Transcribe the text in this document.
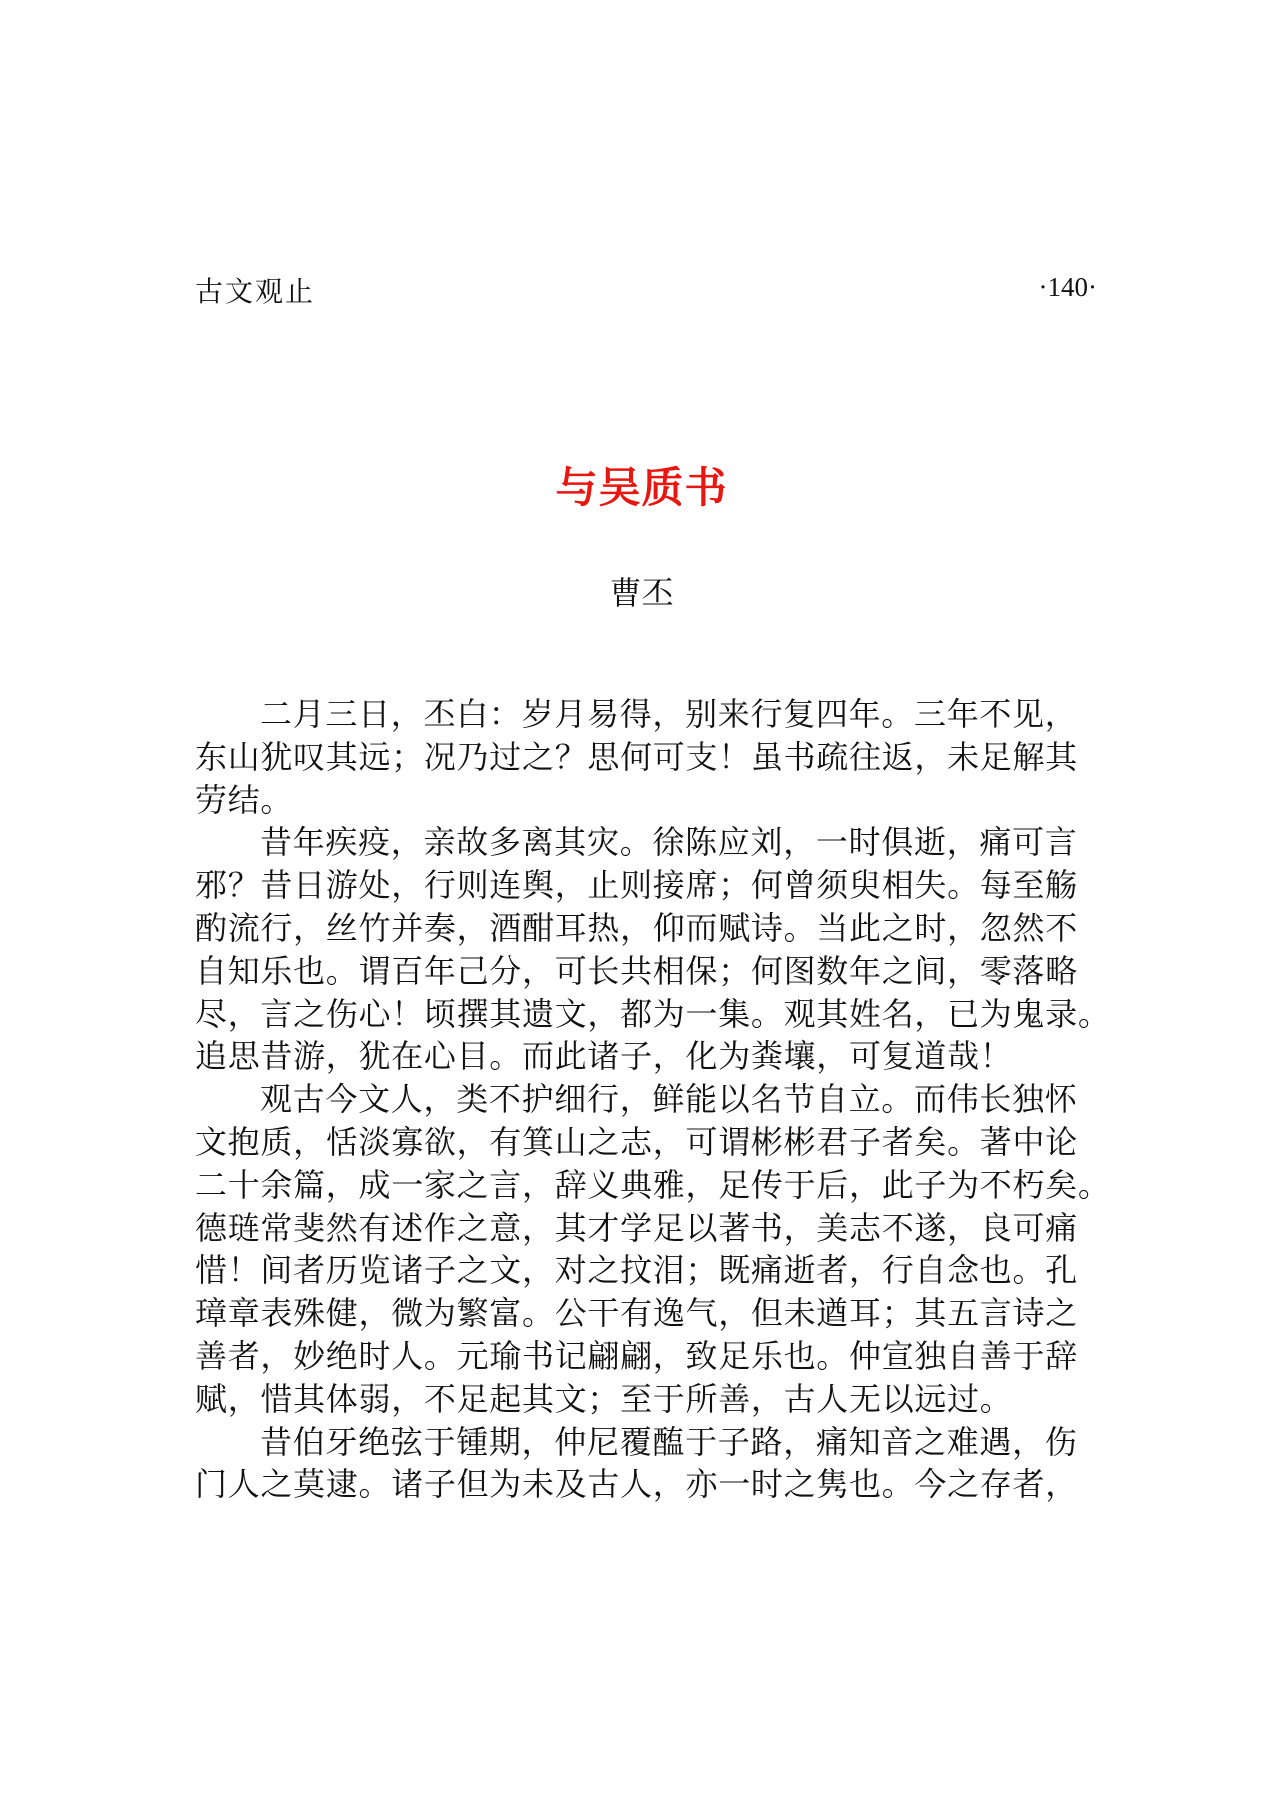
古文观止	·140·
与吴质书
曹丕
二月三日，丕白：岁月易得，别来行复四年。三年不见，
东山犹叹其远；况乃过之？思何可支！虽书疏往返，未足解其
劳结。
昔年疾疫，亲故多离其灾。徐陈应刘，一时俱逝，痛可言
邪？昔日游处，行则连舆，止则接席；何曾须臾相失。每至觞
酌流行，丝竹并奏，酒酣耳热，仰而赋诗。当此之时，忽然不
自知乐也。谓百年己分，可长共相保；何图数年之间，零落略
尽，言之伤心！顷撰其遗文，都为一集。观其姓名，已为鬼录。
追思昔游，犹在心目。而此诸子，化为粪壤，可复道哉！
观古今文人，类不护细行，鲜能以名节自立。而伟长独怀
文抱质，恬淡寡欲，有箕山之志，可谓彬彬君子者矣。著中论
二十余篇，成一家之言，辞义典雅，足传于后，此子为不朽矣。
德琏常斐然有述作之意，其才学足以著书，美志不遂，良可痛
惜！间者历览诸子之文，对之抆泪；既痛逝者，行自念也。孔
璋章表殊健，微为繁富。公干有逸气，但未遒耳；其五言诗之
善者，妙绝时人。元瑜书记翩翩，致足乐也。仲宣独自善于辞
赋，惜其体弱，不足起其文；至于所善，古人无以远过。
昔伯牙绝弦于锺期，仲尼覆醢于子路，痛知音之难遇，伤
门人之莫逮。诸子但为未及古人，亦一时之隽也。今之存者，
